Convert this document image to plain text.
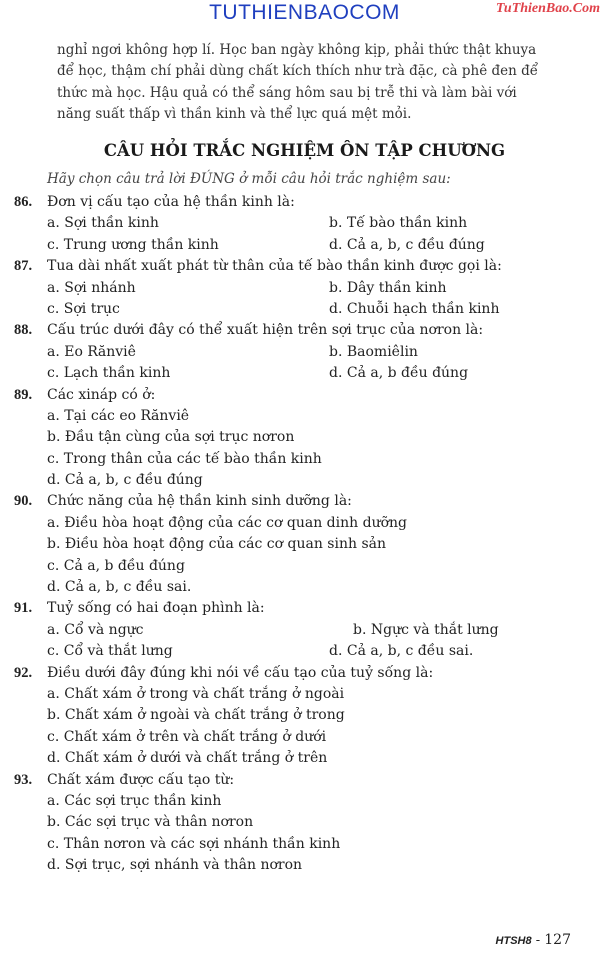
TUTHIENBAOCOM	TuThienBao.Com
nghỉ ngơi không hợp lí. Học ban ngày không kịp, phải thức thật khuya
để học, thậm chí phải dùng chất kích thích như trà đặc, cà phê đen để
thức mà học. Hậu quả có thể sáng hôm sau bị trễ thi và làm bài với
năng suất thấp vì thần kinh và thể lực quá mệt mỏi.
CÂU HỎI TRẮC NGHIỆM ÔN TẬP CHƯƠNG
Hãy chọn câu trả lời ĐÚNG ở mỗi câu hỏi trắc nghiệm sau:
86. Đơn vị cấu tạo của hệ thần kinh là:
a. Sợi thần kinh	b. Tế bào thần kinh
c. Trung ương thần kinh	d. Cả a, b, c đều đúng
87. Tua dài nhất xuất phát từ thân của tế bào thần kinh được gọi là:
a. Sợi nhánh	b. Dây thần kinh
c. Sợi trục	d. Chuỗi hạch thần kinh
88. Cấu trúc dưới đây có thể xuất hiện trên sợi trục của nơron là:
a. Eo Rănviê	b. Baomiêlin
c. Lạch thần kinh	d. Cả a, b đều đúng
89. Các xináp có ở:
a. Tại các eo Rănviê
b. Đầu tận cùng của sợi trục nơron
c. Trong thân của các tế bào thần kinh
d. Cả a, b, c đều đúng
90. Chức năng của hệ thần kinh sinh dưỡng là:
a. Điều hòa hoạt động của các cơ quan dinh dưỡng
b. Điều hòa hoạt động của các cơ quan sinh sản
c. Cả a, b đều đúng
d. Cả a, b, c đều sai.
91. Tuỷ sống có hai đoạn phình là:
a. Cổ và ngực	b. Ngực và thắt lưng
c. Cổ và thắt lưng	d. Cả a, b, c đều sai.
92. Điều dưới đây đúng khi nói về cấu tạo của tuỷ sống là:
a. Chất xám ở trong và chất trắng ở ngoài
b. Chất xám ở ngoài và chất trắng ở trong
c. Chất xám ở trên và chất trắng ở dưới
d. Chất xám ở dưới và chất trắng ở trên
93. Chất xám được cấu tạo từ:
a. Các sợi trục thần kinh
b. Các sợi trục và thân nơron
c. Thân nơron và các sợi nhánh thần kinh
d. Sợi trục, sợi nhánh và thân nơron
HTSH8 - 127
